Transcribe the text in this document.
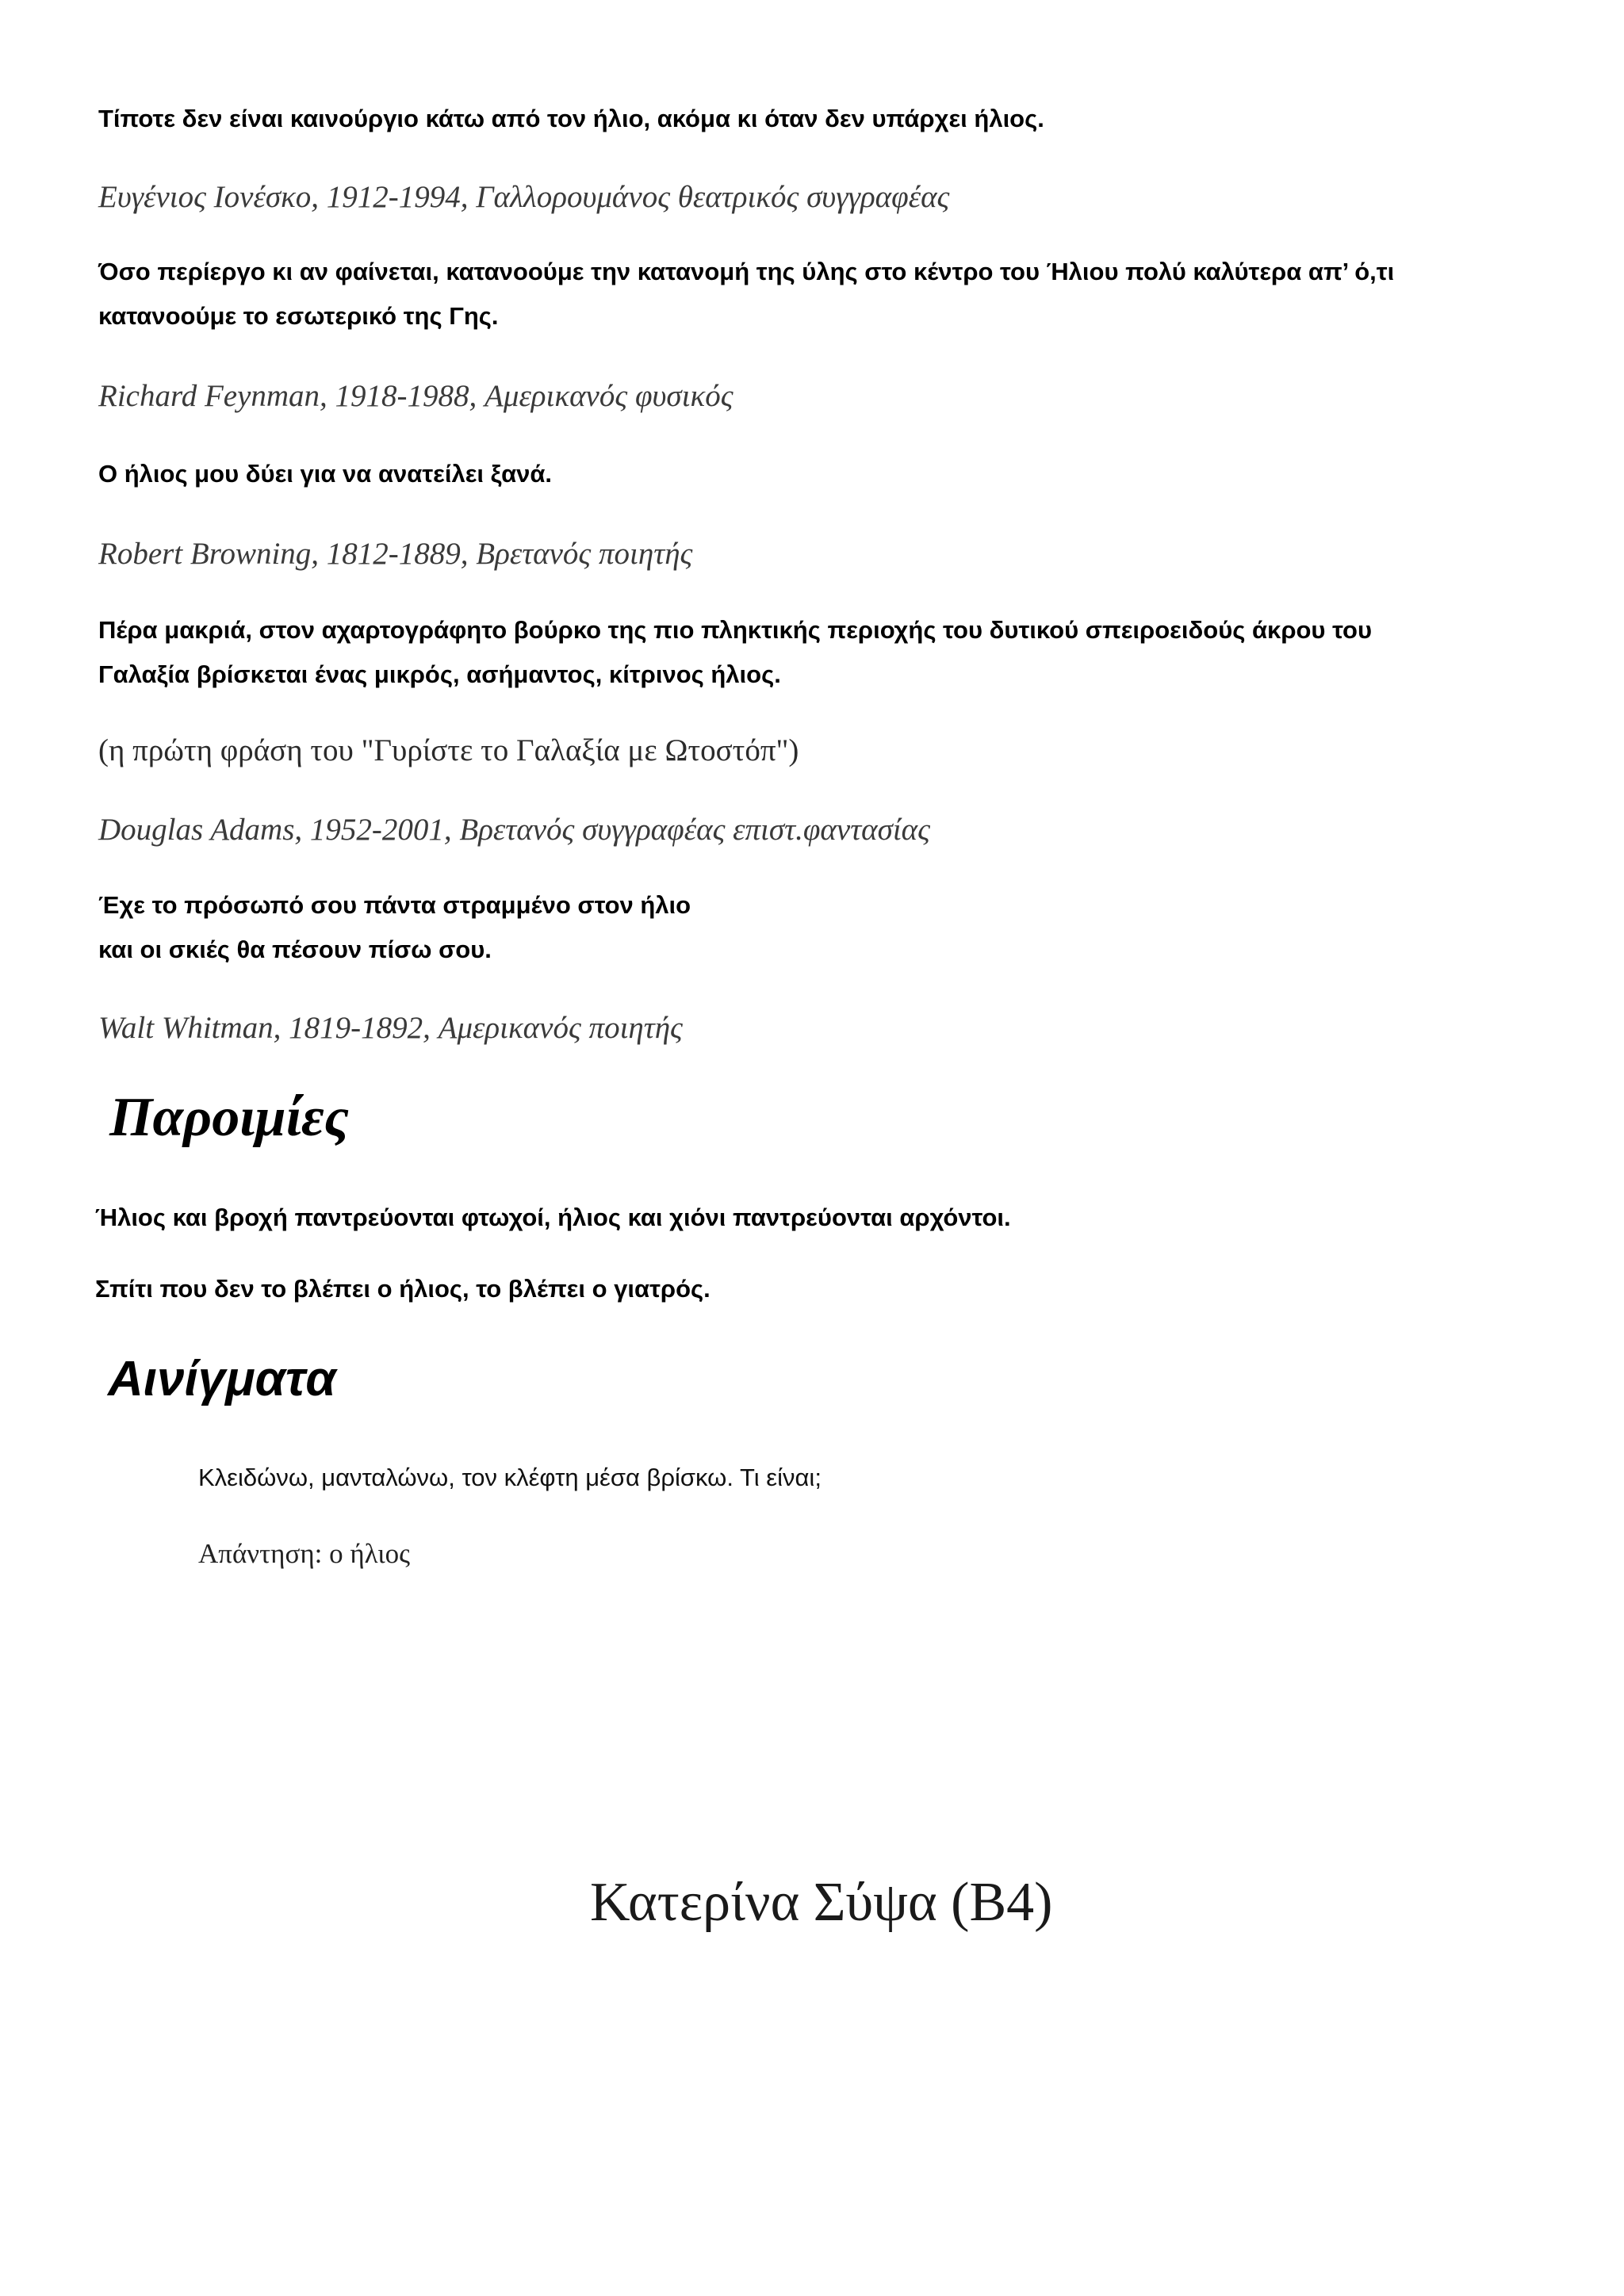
Τίποτε δεν είναι καινούργιο κάτω από τον ήλιο, ακόμα κι όταν δεν υπάρχει ήλιος.
Ευγένιος Ιονέσκο, 1912-1994, Γαλλορουμάνος θεατρικός συγγραφέας
Όσο περίεργο κι αν φαίνεται, κατανοούμε την κατανομή της ύλης στο κέντρο του Ήλιου πολύ καλύτερα απ’ ό,τι
κατανοούμε το εσωτερικό της Γης.
Richard Feynman, 1918-1988, Αμερικανός φυσικός
Ο ήλιος μου δύει για να ανατείλει ξανά.
Robert Browning, 1812-1889, Βρετανός ποιητής
Πέρα μακριά, στον αχαρτογράφητο βούρκο της πιο πληκτικής περιοχής του δυτικού σπειροειδούς άκρου του
Γαλαξία βρίσκεται ένας μικρός, ασήμαντος, κίτρινος ήλιος.
(η πρώτη φράση του "Γυρίστε το Γαλαξία με Ωτοστόπ")
Douglas Adams, 1952-2001, Βρετανός συγγραφέας επιστ.φαντασίας
Έχε το πρόσωπό σου πάντα στραμμένο στον ήλιο
και οι σκιές θα πέσουν πίσω σου.
Walt Whitman, 1819-1892, Αμερικανός ποιητής
Παροιμίες
Ήλιος και βροχή παντρεύονται φτωχοί, ήλιος και χιόνι παντρεύονται αρχόντοι.
Σπίτι που δεν το βλέπει ο ήλιος, το βλέπει ο γιατρός.
Αινίγματα
Κλειδώνω, μανταλώνω, τον κλέφτη μέσα βρίσκω. Τι είναι;
Απάντηση: ο ήλιος
Κατερίνα Σύψα (Β4)
